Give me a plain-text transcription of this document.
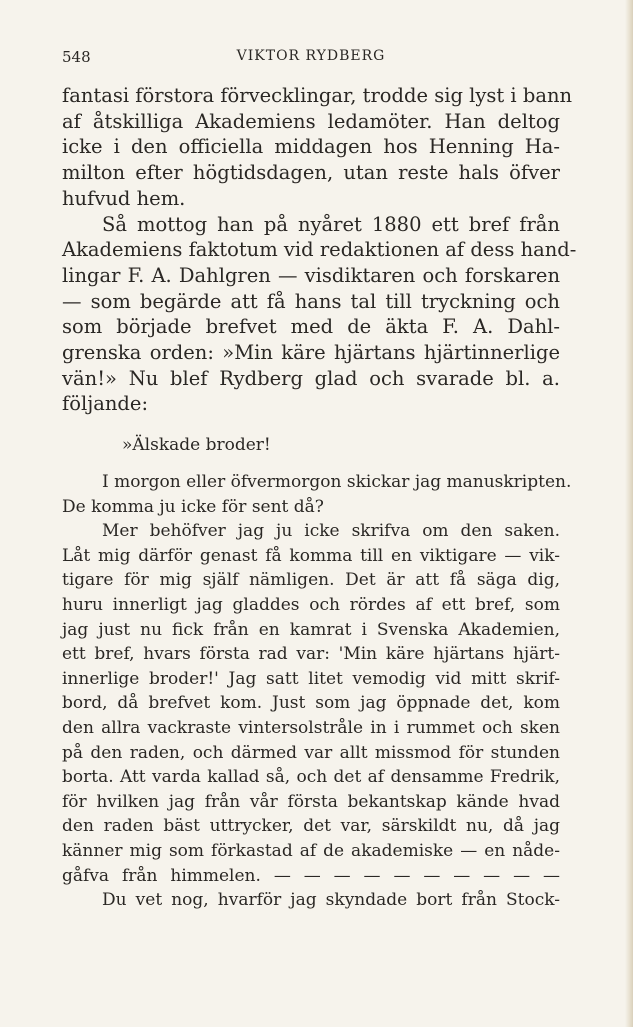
548	VIKTOR RYDBERG
fantasi förstora förvecklingar, trodde sig lyst i bann
af åtskilliga Akademiens ledamöter. Han deltog
icke i den officiella middagen hos Henning Ha-
milton efter högtidsdagen, utan reste hals öfver
hufvud hem.
Så mottog han på nyåret 1880 ett bref från
Akademiens faktotum vid redaktionen af dess hand-
lingar F. A. Dahlgren — visdiktaren och forskaren
— som begärde att få hans tal till tryckning och
som började brefvet med de äkta F. A. Dahl-
grenska orden: »Min käre hjärtans hjärtinnerlige
vän!» Nu blef Rydberg glad och svarade bl. a.
följande:
»Älskade broder!
I morgon eller öfvermorgon skickar jag manuskripten.
De komma ju icke för sent då?
Mer behöfver jag ju icke skrifva om den saken.
Låt mig därför genast få komma till en viktigare — vik-
tigare för mig själf nämligen. Det är att få säga dig,
huru innerligt jag gladdes och rördes af ett bref, som
jag just nu fick från en kamrat i Svenska Akademien,
ett bref, hvars första rad var: 'Min käre hjärtans hjärt-
innerlige broder!' Jag satt litet vemodig vid mitt skrif-
bord, då brefvet kom. Just som jag öppnade det, kom
den allra vackraste vintersolstråle in i rummet och sken
på den raden, och därmed var allt missmod för stunden
borta. Att varda kallad så, och det af densamme Fredrik,
för hvilken jag från vår första bekantskap kände hvad
den raden bäst uttrycker, det var, särskildt nu, då jag
känner mig som förkastad af de akademiske — en nåde-
gåfva från himmelen. — — — — — — — — — —
Du vet nog, hvarför jag skyndade bort från Stock-
